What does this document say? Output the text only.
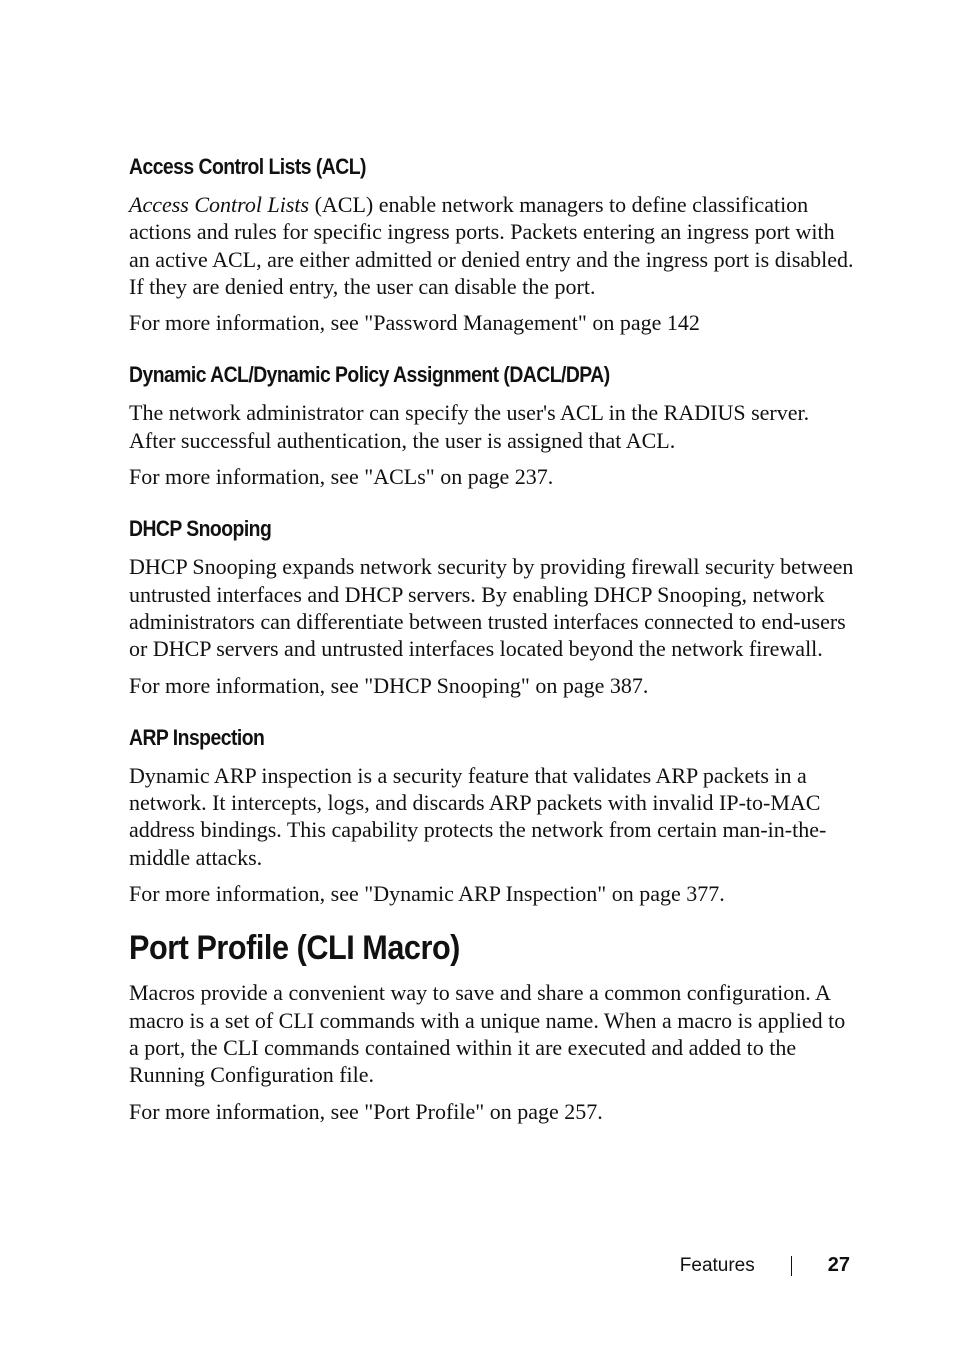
Access Control Lists (ACL)

Access Control Lists (ACL) enable network managers to define classification actions and rules for specific ingress ports. Packets entering an ingress port with an active ACL, are either admitted or denied entry and the ingress port is disabled. If they are denied entry, the user can disable the port.

For more information, see "Password Management" on page 142

Dynamic ACL/Dynamic Policy Assignment (DACL/DPA)

The network administrator can specify the user's ACL in the RADIUS server. After successful authentication, the user is assigned that ACL.

For more information, see "ACLs" on page 237.

DHCP Snooping

DHCP Snooping expands network security by providing firewall security between untrusted interfaces and DHCP servers. By enabling DHCP Snooping, network administrators can differentiate between trusted interfaces connected to end-users or DHCP servers and untrusted interfaces located beyond the network firewall.

For more information, see "DHCP Snooping" on page 387.

ARP Inspection

Dynamic ARP inspection is a security feature that validates ARP packets in a network. It intercepts, logs, and discards ARP packets with invalid IP-to-MAC address bindings. This capability protects the network from certain man-in-the-middle attacks.

For more information, see "Dynamic ARP Inspection" on page 377.

Port Profile (CLI Macro)

Macros provide a convenient way to save and share a common configuration. A macro is a set of CLI commands with a unique name. When a macro is applied to a port, the CLI commands contained within it are executed and added to the Running Configuration file.

For more information, see "Port Profile" on page 257.

Features	27
